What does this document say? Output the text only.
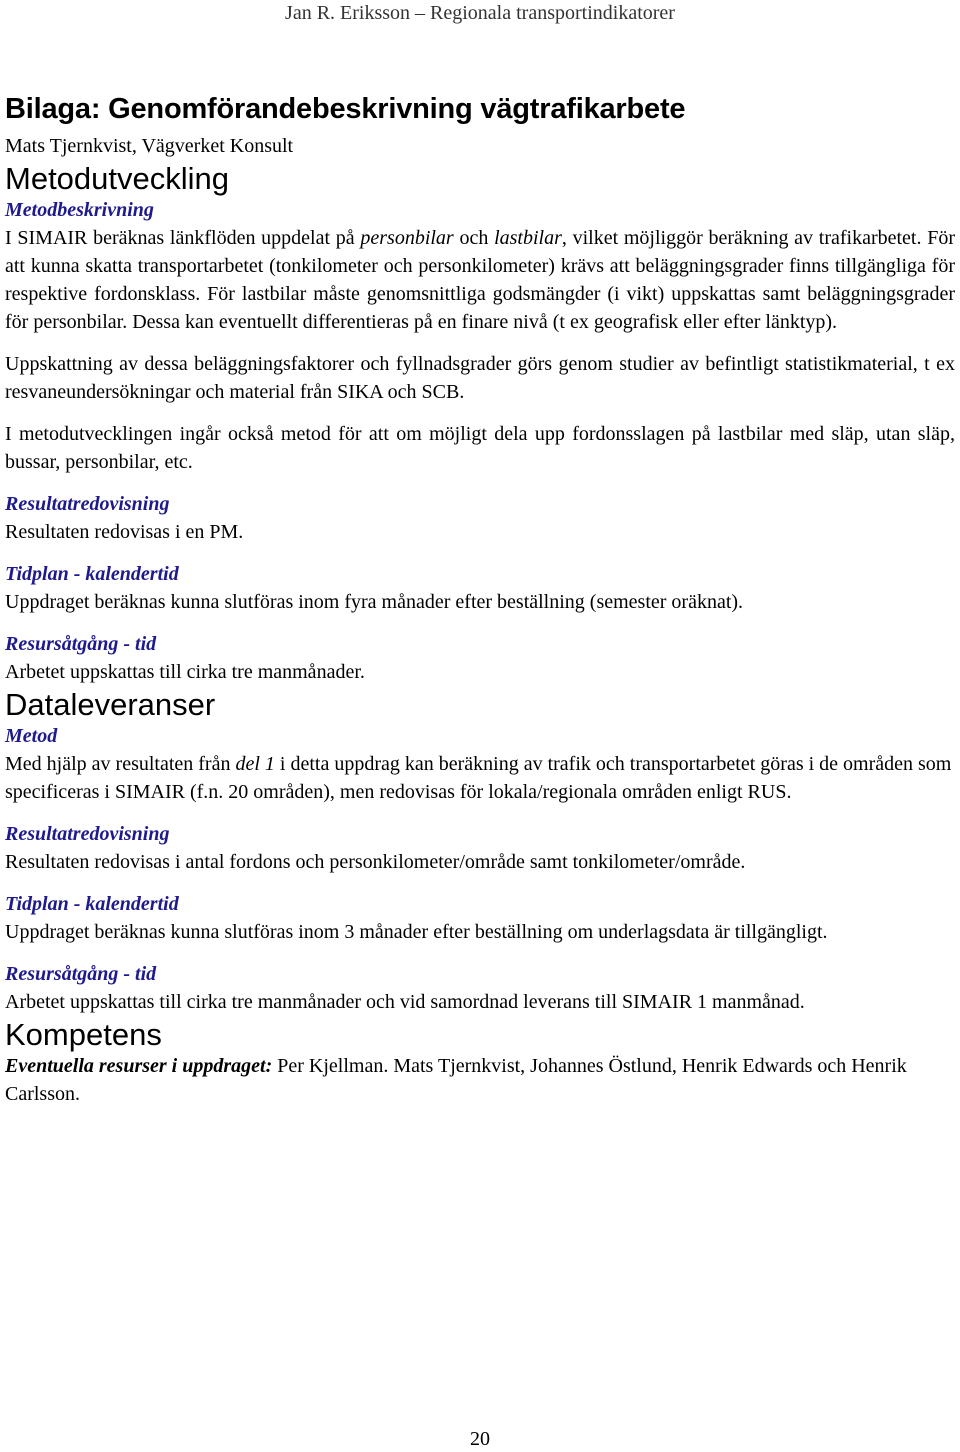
Jan R. Eriksson – Regionala transportindikatorer
Bilaga: Genomförandebeskrivning vägtrafikarbete
Mats Tjernkvist, Vägverket Konsult
Metodutveckling
Metodbeskrivning
I SIMAIR beräknas länkflöden uppdelat på personbilar och lastbilar, vilket möjliggör beräkning av trafikarbetet. För att kunna skatta transportarbetet (tonkilometer och personkilometer) krävs att beläggningsgrader finns tillgängliga för respektive fordonsklass. För lastbilar måste genomsnittliga godsmängder (i vikt) uppskattas samt beläggningsgrader för personbilar. Dessa kan eventuellt differentieras på en finare nivå (t ex geografisk eller efter länktyp).
Uppskattning av dessa beläggningsfaktorer och fyllnadsgrader görs genom studier av befintligt statistikmaterial, t ex resvaneundersökningar och material från SIKA och SCB.
I metodutvecklingen ingår också metod för att om möjligt dela upp fordonsslagen på lastbilar med släp, utan släp, bussar, personbilar, etc.
Resultatredovisning
Resultaten redovisas i en PM.
Tidplan - kalendertid
Uppdraget beräknas kunna slutföras inom fyra månader efter beställning (semester oräknat).
Resursåtgång - tid
Arbetet uppskattas till cirka tre manmånader.
Dataleveranser
Metod
Med hjälp av resultaten från del 1 i detta uppdrag kan beräkning av trafik och transportarbetet göras i de områden som specificeras i SIMAIR (f.n. 20 områden), men redovisas för lokala/regionala områden enligt RUS.
Resultatredovisning
Resultaten redovisas i antal fordons och personkilometer/område samt tonkilometer/område.
Tidplan - kalendertid
Uppdraget beräknas kunna slutföras inom 3 månader efter beställning om underlagsdata är tillgängligt.
Resursåtgång - tid
Arbetet uppskattas till cirka tre manmånader och vid samordnad leverans till SIMAIR 1 manmånad.
Kompetens
Eventuella resurser i uppdraget: Per Kjellman. Mats Tjernkvist, Johannes Östlund, Henrik Edwards och Henrik Carlsson.
20
